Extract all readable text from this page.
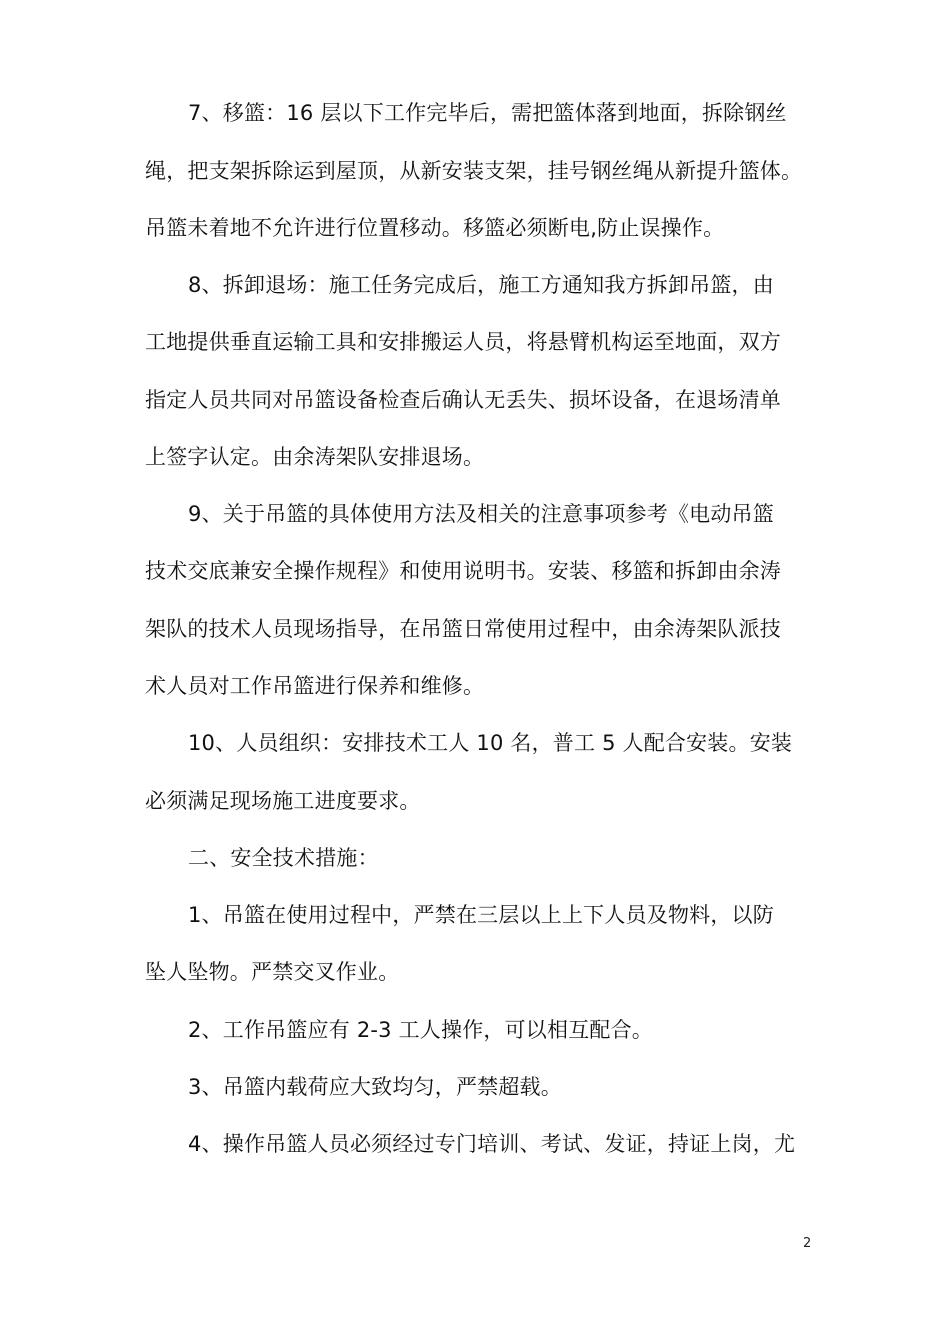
7、移篮：16 层以下工作完毕后，需把篮体落到地面，拆除钢丝
绳，把支架拆除运到屋顶，从新安装支架，挂号钢丝绳从新提升篮体。
吊篮未着地不允许进行位置移动。移篮必须断电,防止误操作。
8、拆卸退场：施工任务完成后，施工方通知我方拆卸吊篮，由
工地提供垂直运输工具和安排搬运人员，将悬臂机构运至地面，双方
指定人员共同对吊篮设备检查后确认无丢失、损坏设备，在退场清单
上签字认定。由余涛架队安排退场。
9、关于吊篮的具体使用方法及相关的注意事项参考《电动吊篮
技术交底兼安全操作规程》和使用说明书。安装、移篮和拆卸由余涛
架队的技术人员现场指导，在吊篮日常使用过程中，由余涛架队派技
术人员对工作吊篮进行保养和维修。
10、人员组织：安排技术工人 10 名，普工 5 人配合安装。安装
必须满足现场施工进度要求。
二、安全技术措施：
1、吊篮在使用过程中，严禁在三层以上上下人员及物料，以防
坠人坠物。严禁交叉作业。
2、工作吊篮应有 2-3 工人操作，可以相互配合。
3、吊篮内载荷应大致均匀，严禁超载。
4、操作吊篮人员必须经过专门培训、考试、发证，持证上岗，尤
2
